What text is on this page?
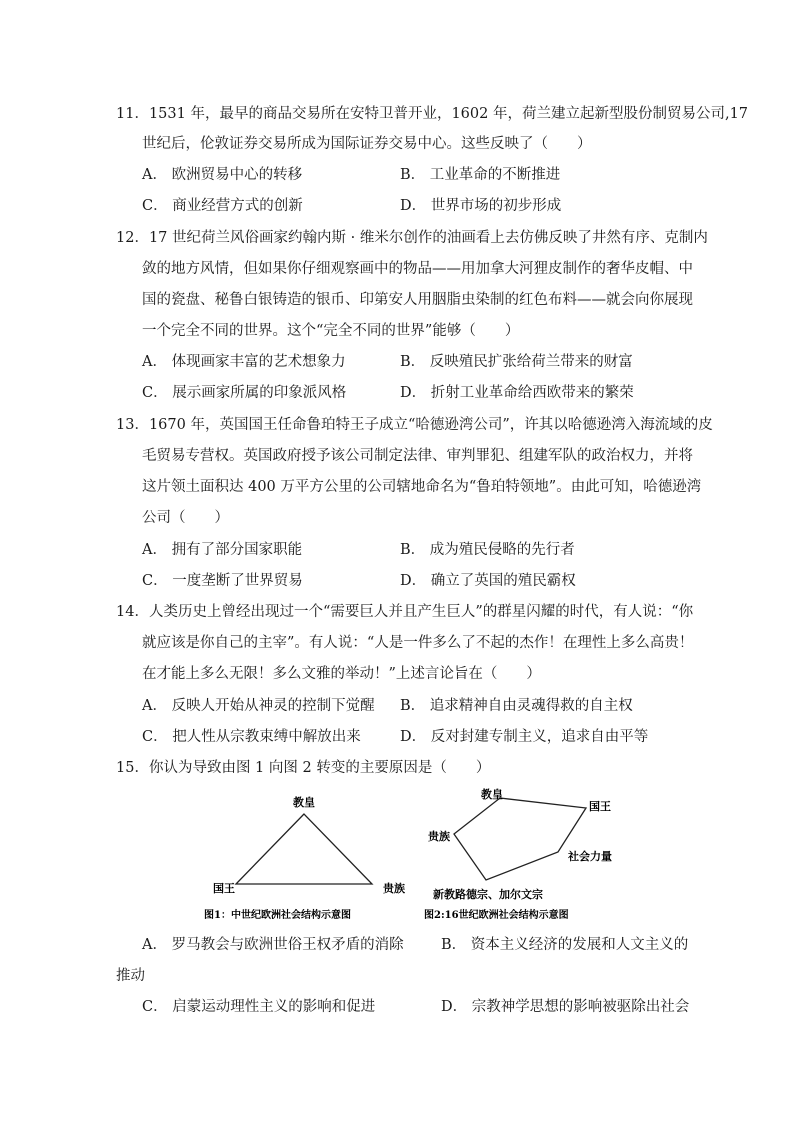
11．1531 年，最早的商品交易所在安特卫普开业，1602 年，荷兰建立起新型股份制贸易公司,17
世纪后，伦敦证券交易所成为国际证券交易中心。这些反映了（　　）
A． 欧洲贸易中心的转移	B． 工业革命的不断推进
C． 商业经营方式的创新	D． 世界市场的初步形成
12．17 世纪荷兰风俗画家约翰内斯 · 维米尔创作的油画看上去仿佛反映了井然有序、克制内
敛的地方风情，但如果你仔细观察画中的物品——用加拿大河狸皮制作的奢华皮帽、中
国的瓷盘、秘鲁白银铸造的银币、印第安人用胭脂虫染制的红色布料——就会向你展现
一个完全不同的世界。这个“完全不同的世界”能够（　　）
A． 体现画家丰富的艺术想象力	B． 反映殖民扩张给荷兰带来的财富
C． 展示画家所属的印象派风格	D． 折射工业革命给西欧带来的繁荣
13．1670 年，英国国王任命鲁珀特王子成立“哈德逊湾公司”，许其以哈德逊湾入海流域的皮
毛贸易专营权。英国政府授予该公司制定法律、审判罪犯、组建军队的政治权力，并将
这片领土面积达 400 万平方公里的公司辖地命名为“鲁珀特领地”。由此可知，哈德逊湾
公司（　　）
A． 拥有了部分国家职能	B． 成为殖民侵略的先行者
C． 一度垄断了世界贸易	D． 确立了英国的殖民霸权
14．人类历史上曾经出现过一个“需要巨人并且产生巨人”的群星闪耀的时代，有人说：“你
就应该是你自己的主宰”。有人说：“人是一件多么了不起的杰作！在理性上多么高贵！
在才能上多么无限！多么文雅的举动！”上述言论旨在（　　）
A． 反映人开始从神灵的控制下觉醒 B． 追求精神自由灵魂得救的自主权
C． 把人性从宗教束缚中解放出来	D． 反对封建专制主义，追求自由平等
15．你认为导致由图 1 向图 2 转变的主要原因是（　　）
教皇
国王	贵族
图1：中世纪欧洲社会结构示意图
教皇
国王
贵族
社会力量
新教路德宗、加尔文宗
图2:16世纪欧洲社会结构示意图
A． 罗马教会与欧洲世俗王权矛盾的消除	B． 资本主义经济的发展和人文主义的
推动
C． 启蒙运动理性主义的影响和促进	D． 宗教神学思想的影响被驱除出社会
